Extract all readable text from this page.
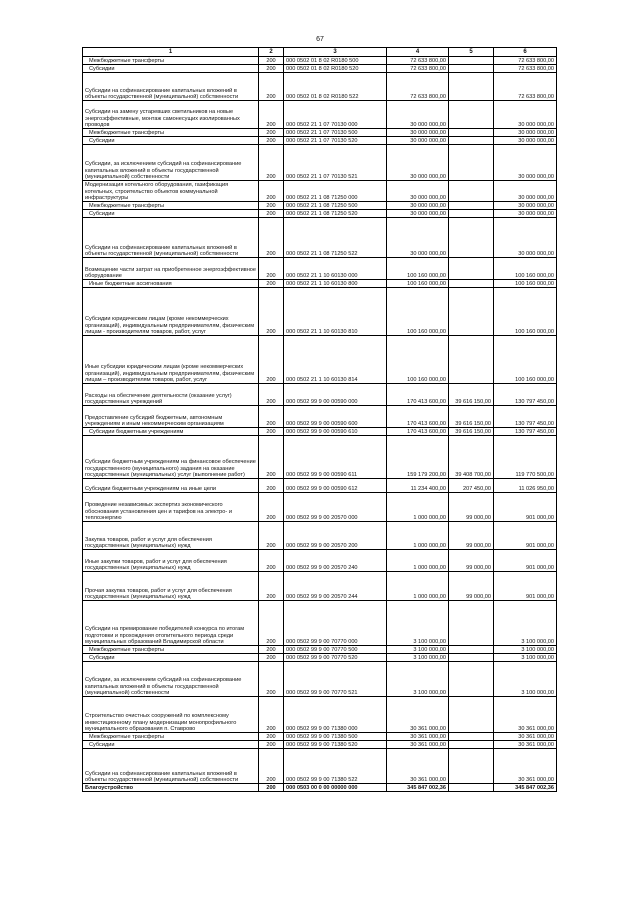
67
1	2	3	4	5	6
Межбюджетные трансферты	200	000 0502 01 8 02 R0180 500	72 633 800,00		72 633 800,00
Субсидии	200	000 0502 01 8 02 R0180 520	72 633 800,00		72 633 800,00
Субсидии на софинансирование капитальных вложений в объекты государственной (муниципальной) собственности	200	000 0502 01 8 02 R0180 522	72 633 800,00		72 633 800,00
Субсидии на замену устаревших светильников на новые энергоэффективные, монтаж самонесущих изолированных проводов	200	000 0502 21 1 07 70130 000	30 000 000,00		30 000 000,00
Межбюджетные трансферты	200	000 0502 21 1 07 70130 500	30 000 000,00		30 000 000,00
Субсидии	200	000 0502 21 1 07 70130 520	30 000 000,00		30 000 000,00
Субсидии, за исключением субсидий на софинансирование капитальных вложений в объекты государственной (муниципальной) собственности	200	000 0502 21 1 07 70130 521	30 000 000,00		30 000 000,00
Модернизация котельного оборудования, газификация котельных, строительство объектов коммунальной инфраструктуры	200	000 0502 21 1 08 71250 000	30 000 000,00		30 000 000,00
Межбюджетные трансферты	200	000 0502 21 1 08 71250 500	30 000 000,00		30 000 000,00
Субсидии	200	000 0502 21 1 08 71250 520	30 000 000,00		30 000 000,00
Субсидии на софинансирование капитальных вложений в объекты государственной (муниципальной) собственности	200	000 0502 21 1 08 71250 522	30 000 000,00		30 000 000,00
Возмещение части затрат на приобретенное энергоэффективное оборудование	200	000 0502 21 1 10 60130 000	100 160 000,00		100 160 000,00
Иные бюджетные ассигнования	200	000 0502 21 1 10 60130 800	100 160 000,00		100 160 000,00
Субсидии юридическим лицам (кроме некоммерческих организаций), индивидуальным предпринимателям, физическим лицам - производителям товаров, работ, услуг	200	000 0502 21 1 10 60130 810	100 160 000,00		100 160 000,00
Иные субсидии юридическим лицам (кроме некоммерческих организаций), индивидуальным предпринимателям, физическим лицам – производителям товаров, работ, услуг	200	000 0502 21 1 10 60130 814	100 160 000,00		100 160 000,00
Расходы на обеспечение деятельности (оказание услуг) государственных учреждений	200	000 0502 99 9 00 00590 000	170 413 600,00	39 616 150,00	130 797 450,00
Предоставление субсидий бюджетным, автономным учреждениям и иным некоммерческим организациям	200	000 0502 99 9 00 00590 600	170 413 600,00	39 616 150,00	130 797 450,00
Субсидии бюджетным учреждениям	200	000 0502 99 9 00 00590 610	170 413 600,00	39 616 150,00	130 797 450,00
Субсидии бюджетным учреждениям на финансовое обеспечение государственного (муниципального) задания на оказание государственных (муниципальных) услуг (выполнение работ)	200	000 0502 99 9 00 00590 611	159 179 200,00	39 408 700,00	119 770 500,00
Субсидии бюджетным учреждениям на иные цели	200	000 0502 99 9 00 00590 612	11 234 400,00	207 450,00	11 026 950,00
Проведение независимых экспертиз экономического обоснования установления цен и тарифов на электро- и теплоэнергию	200	000 0502 99 9 00 20570 000	1 000 000,00	99 000,00	901 000,00
Закупка товаров, работ и услуг для обеспечения государственных (муниципальных) нужд	200	000 0502 99 9 00 20570 200	1 000 000,00	99 000,00	901 000,00
Иные закупки товаров, работ и услуг для обеспечения государственных (муниципальных) нужд	200	000 0502 99 9 00 20570 240	1 000 000,00	99 000,00	901 000,00
Прочая закупка товаров, работ и услуг для обеспечения государственных (муниципальных) нужд	200	000 0502 99 9 00 20570 244	1 000 000,00	99 000,00	901 000,00
Субсидии на премирование победителей конкурса по итогам подготовки и прохождения отопительного периода среди муниципальных образований Владимирской области	200	000 0502 99 9 00 70770 000	3 100 000,00		3 100 000,00
Межбюджетные трансферты	200	000 0502 99 9 00 70770 500	3 100 000,00		3 100 000,00
Субсидии	200	000 0502 99 9 00 70770 520	3 100 000,00		3 100 000,00
Субсидии, за исключением субсидий на софинансирование капитальных вложений в объекты государственной (муниципальной) собственности	200	000 0502 99 9 00 70770 521	3 100 000,00		3 100 000,00
Строительство очистных сооружений по комплексному инвестиционному плану модернизации монопрофильного муниципального образования п. Ставрово	200	000 0502 99 9 00 71380 000	30 361 000,00		30 361 000,00
Межбюджетные трансферты	200	000 0502 99 9 00 71380 500	30 361 000,00		30 361 000,00
Субсидии	200	000 0502 99 9 00 71380 520	30 361 000,00		30 361 000,00
Субсидии на софинансирование капитальных вложений в объекты государственной (муниципальной) собственности	200	000 0502 99 9 00 71380 522	30 361 000,00		30 361 000,00
Благоустройство	200	000 0503 00 0 00 00000 000	345 847 002,36		345 847 002,36
